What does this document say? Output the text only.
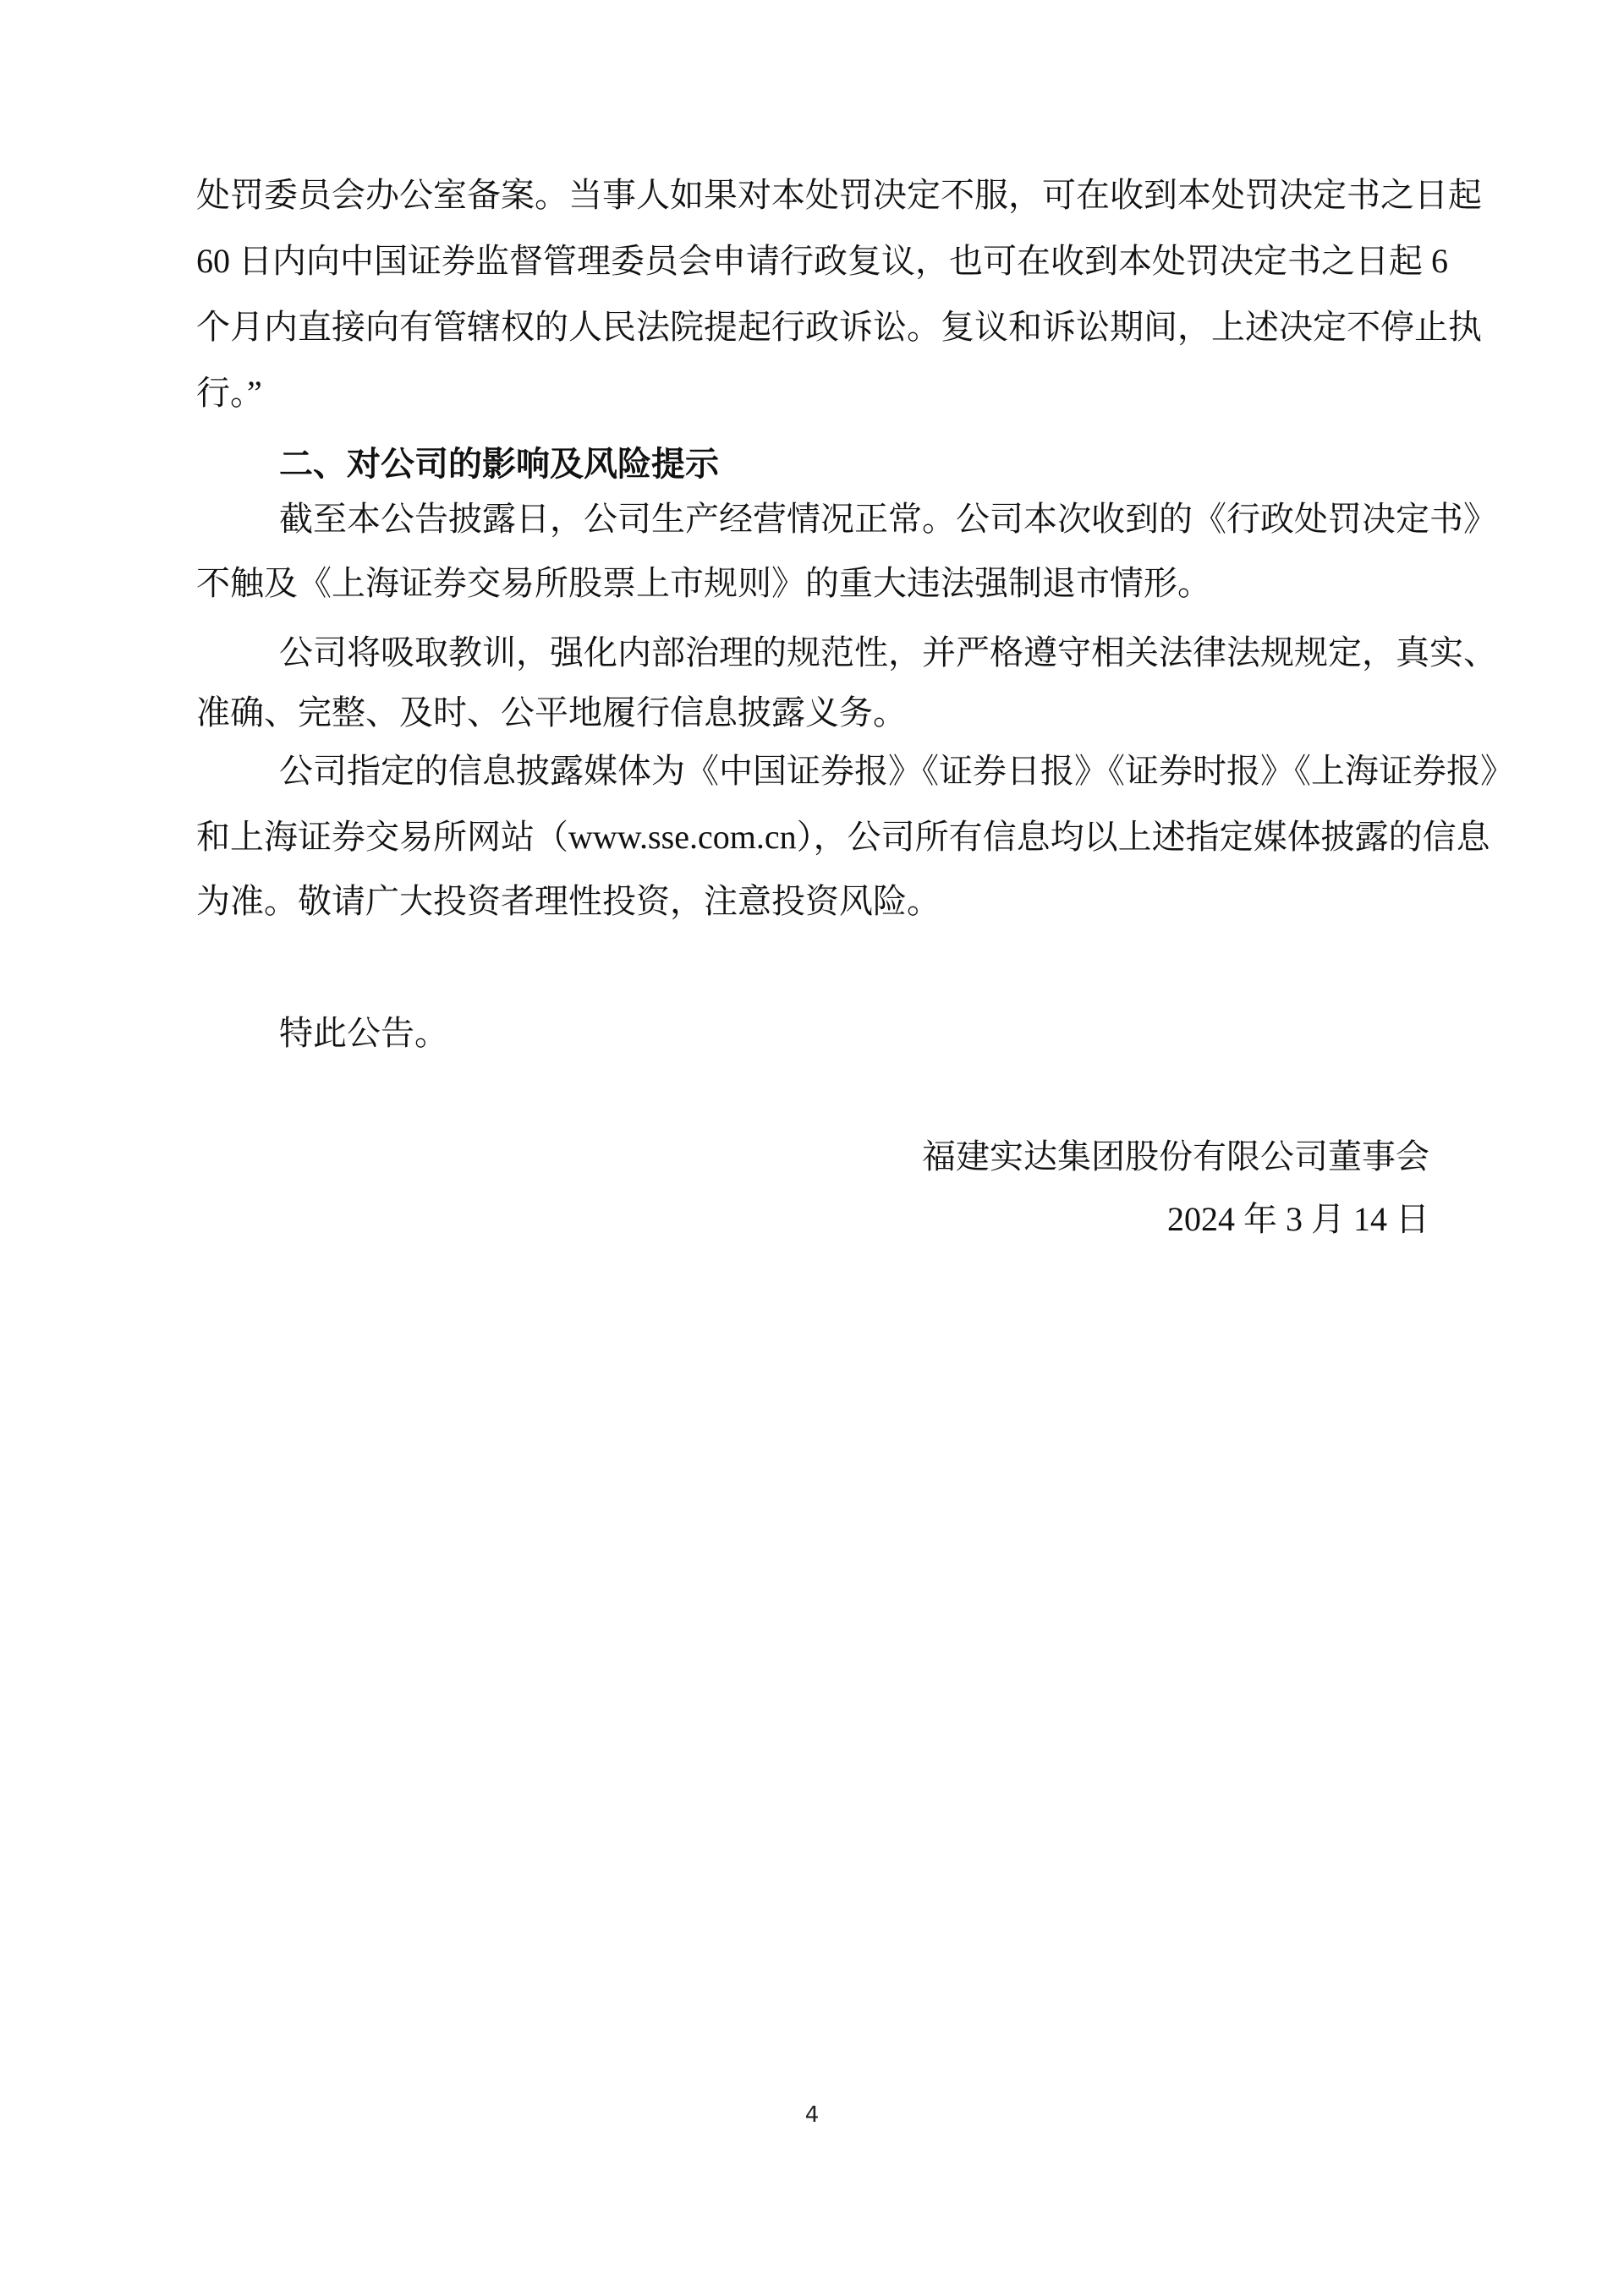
处罚委员会办公室备案。当事人如果对本处罚决定不服，可在收到本处罚决定书之日起
60 日内向中国证券监督管理委员会申请行政复议，也可在收到本处罚决定书之日起 6
个月内直接向有管辖权的人民法院提起行政诉讼。复议和诉讼期间，上述决定不停止执
行。”
二、对公司的影响及风险提示
截至本公告披露日，公司生产经营情况正常。公司本次收到的《行政处罚决定书》
不触及《上海证券交易所股票上市规则》的重大违法强制退市情形。
公司将吸取教训，强化内部治理的规范性，并严格遵守相关法律法规规定，真实、
准确、完整、及时、公平地履行信息披露义务。
公司指定的信息披露媒体为《中国证券报》《证券日报》《证券时报》《上海证券报》
和上海证券交易所网站（www.sse.com.cn），公司所有信息均以上述指定媒体披露的信息
为准。敬请广大投资者理性投资，注意投资风险。
特此公告。
福建实达集团股份有限公司董事会
2024 年 3 月 14 日
4
